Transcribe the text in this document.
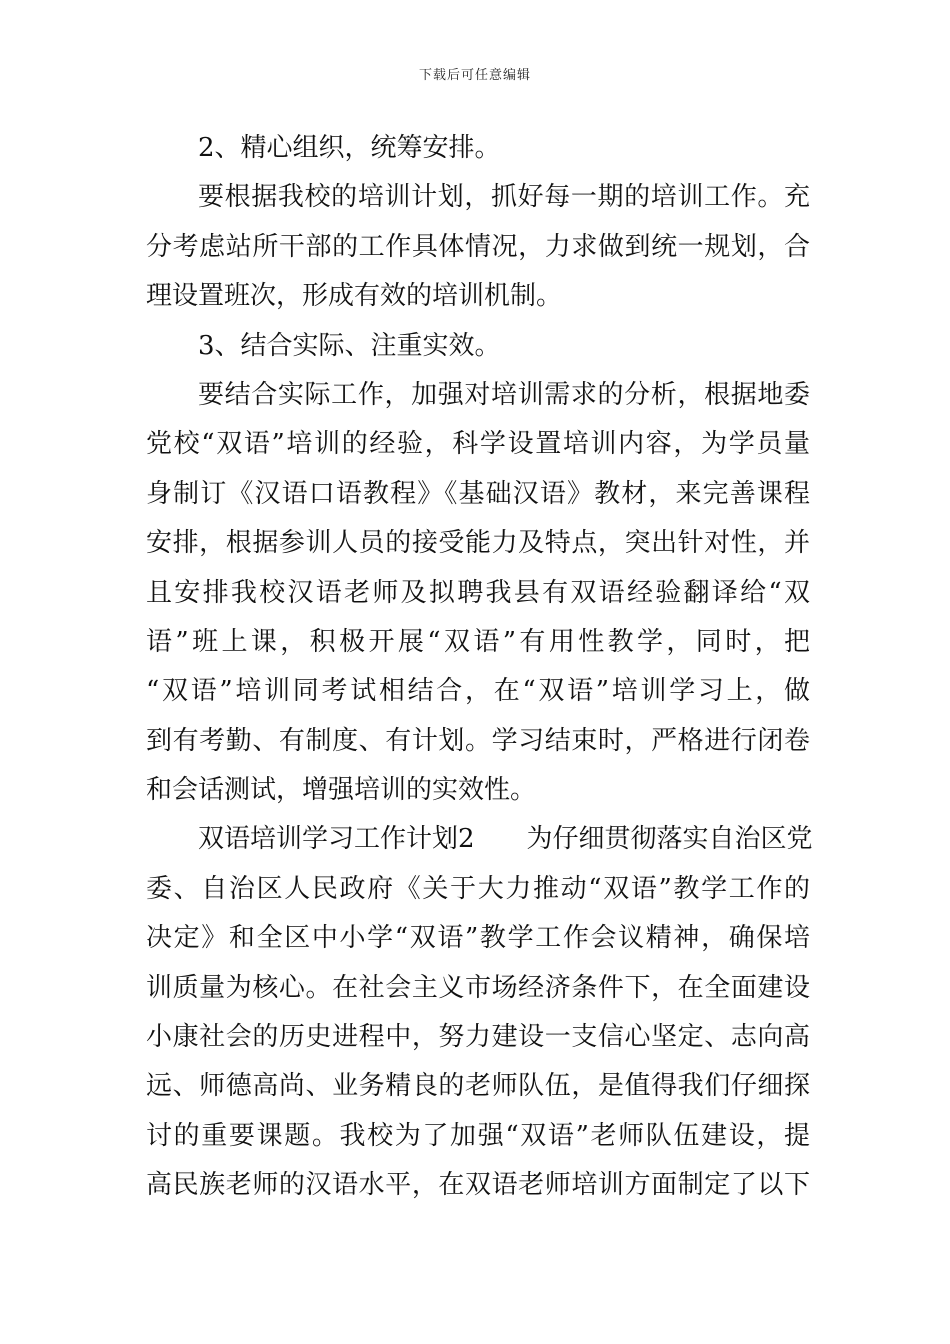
下载后可任意编辑
2、精心组织，统筹安排。
要根据我校的培训计划，抓好每一期的培训工作。充
分考虑站所干部的工作具体情况，力求做到统一规划，合
理设置班次，形成有效的培训机制。
3、结合实际、注重实效。
要结合实际工作，加强对培训需求的分析，根据地委
党校“双语”培训的经验，科学设置培训内容，为学员量
身制订《汉语口语教程》《基础汉语》教材，来完善课程
安排，根据参训人员的接受能力及特点，突出针对性，并
且安排我校汉语老师及拟聘我县有双语经验翻译给“双
语”班上课，积极开展“双语”有用性教学，同时，把
“双语”培训同考试相结合，在“双语”培训学习上，做
到有考勤、有制度、有计划。学习结束时，严格进行闭卷
和会话测试，增强培训的实效性。
双语培训学习工作计划2　　为仔细贯彻落实自治区党
委、自治区人民政府《关于大力推动“双语”教学工作的
决定》和全区中小学“双语”教学工作会议精神，确保培
训质量为核心。在社会主义市场经济条件下，在全面建设
小康社会的历史进程中，努力建设一支信心坚定、志向高
远、师德高尚、业务精良的老师队伍，是值得我们仔细探
讨的重要课题。我校为了加强“双语”老师队伍建设，提
高民族老师的汉语水平，在双语老师培训方面制定了以下
